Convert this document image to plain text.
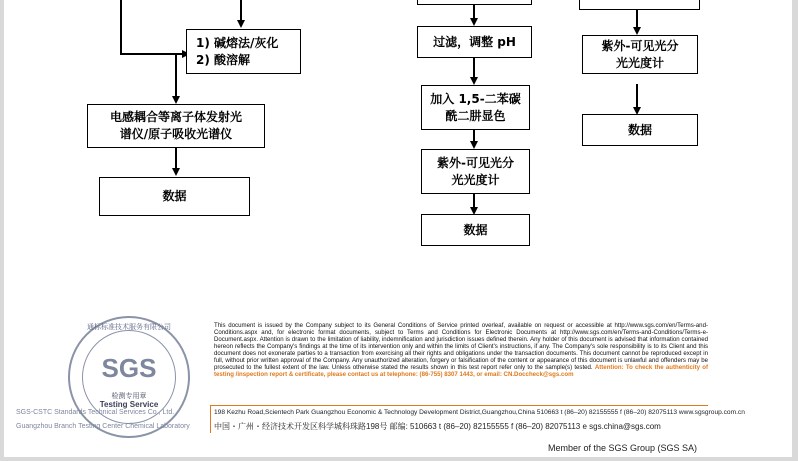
1) 碱熔法/灰化
2) 酸溶解
电感耦合等离子体发射光
谱仪/原子吸收光谱仪
数据
过滤，调整 pH
加入 1,5-二苯碳
酰二肼显色
紫外-可见光分
光光度计
数据
紫外-可见光分
光光度计
数据
通标标准技术服务有限公司
SGS
检测专用章
Testing Service
SGS-CSTC Standards Technical Services Co., Ltd.
Guangzhou Branch Testing Center Chemical Laboratory
This document is issued by the Company subject to its General Conditions of Service printed overleaf, available on request or accessible at http://www.sgs.com/en/Terms-and-Conditions.aspx and, for electronic format documents, subject to Terms and Conditions for Electronic Documents at http://www.sgs.com/en/Terms-and-Conditions/Terms-e-Document.aspx. Attention is drawn to the limitation of liability, indemnification and jurisdiction issues defined therein. Any holder of this document is advised that information contained hereon reflects the Company's findings at the time of its intervention only and within the limits of Client's instructions, if any. The Company's sole responsibility is to its Client and this document does not exonerate parties to a transaction from exercising all their rights and obligations under the transaction documents. This document cannot be reproduced except in full, without prior written approval of the Company. Any unauthorized alteration, forgery or falsification of the content or appearance of this document is unlawful and offenders may be prosecuted to the fullest extent of the law. Unless otherwise stated the results shown in this test report refer only to the sample(s) tested. Attention: To check the authenticity of testing /inspection report & certificate, please contact us at telephone: (86-755) 8307 1443, or email: CN.Doccheck@sgs.com
198 Kezhu Road,Scientech Park Guangzhou Economic & Technology Development District,Guangzhou,China 510663 t (86–20) 82155555 f (86–20) 82075113 www.sgsgroup.com.cn
中国・广州・经济技术开发区科学城科珠路198号 邮编: 510663 t (86–20) 82155555 f (86–20) 82075113 e sgs.china@sgs.com
Member of the SGS Group (SGS SA)
